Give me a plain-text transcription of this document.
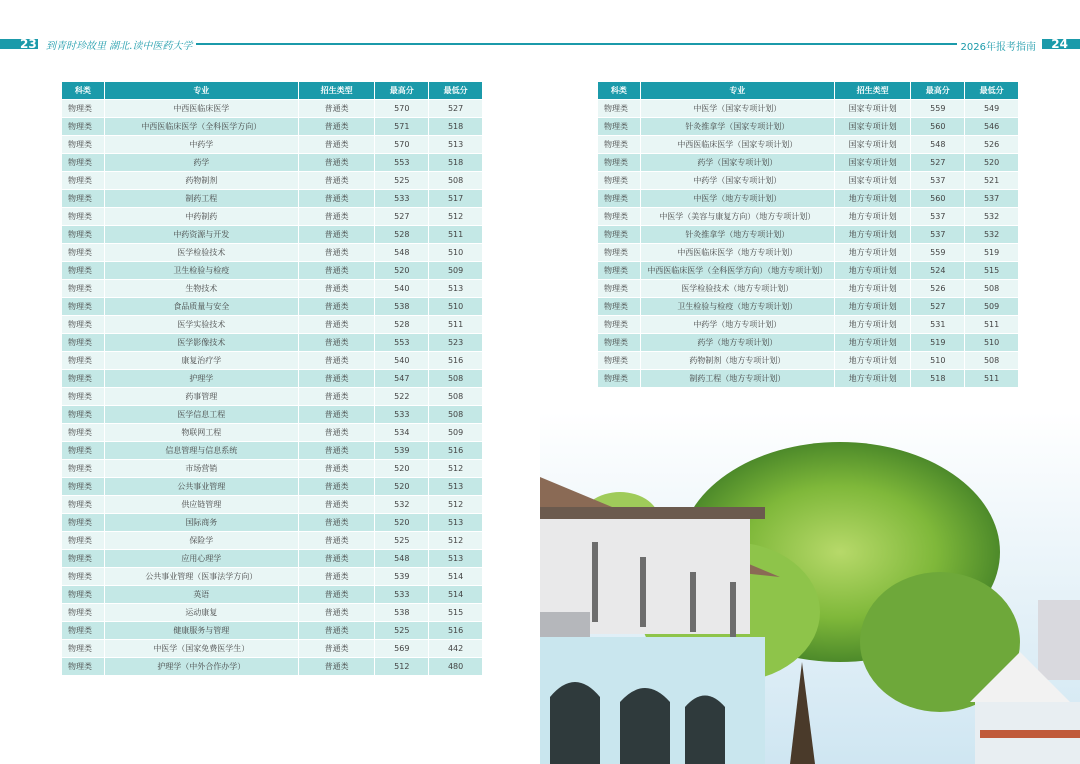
23 到青时珍故里 湖北.读中医药大学	2026年报考指南	24
科类	专业	招生类型	最高分	最低分
物理类	中西医临床医学	普通类	570	527
物理类	中西医临床医学（全科医学方向）	普通类	571	518
物理类	中药学	普通类	570	513
物理类	药学	普通类	553	518
物理类	药物制剂	普通类	525	508
物理类	制药工程	普通类	533	517
物理类	中药制药	普通类	527	512
物理类	中药资源与开发	普通类	528	511
物理类	医学检验技术	普通类	548	510
物理类	卫生检验与检疫	普通类	520	509
物理类	生物技术	普通类	540	513
物理类	食品质量与安全	普通类	538	510
物理类	医学实验技术	普通类	528	511
物理类	医学影像技术	普通类	553	523
物理类	康复治疗学	普通类	540	516
物理类	护理学	普通类	547	508
物理类	药事管理	普通类	522	508
物理类	医学信息工程	普通类	533	508
物理类	物联网工程	普通类	534	509
物理类	信息管理与信息系统	普通类	539	516
物理类	市场营销	普通类	520	512
物理类	公共事业管理	普通类	520	513
物理类	供应链管理	普通类	532	512
物理类	国际商务	普通类	520	513
物理类	保险学	普通类	525	512
物理类	应用心理学	普通类	548	513
物理类	公共事业管理（医事法学方向）	普通类	539	514
物理类	英语	普通类	533	514
物理类	运动康复	普通类	538	515
物理类	健康服务与管理	普通类	525	516
物理类	中医学（国家免费医学生）	普通类	569	442
物理类	护理学（中外合作办学）	普通类	512	480
科类	专业	招生类型	最高分	最低分
物理类	中医学（国家专项计划）	国家专项计划	559	549
物理类	针灸推拿学（国家专项计划）	国家专项计划	560	546
物理类	中西医临床医学（国家专项计划）	国家专项计划	548	526
物理类	药学（国家专项计划）	国家专项计划	527	520
物理类	中药学（国家专项计划）	国家专项计划	537	521
物理类	中医学（地方专项计划）	地方专项计划	560	537
物理类	中医学（美容与康复方向）（地方专项计划）	地方专项计划	537	532
物理类	针灸推拿学（地方专项计划）	地方专项计划	537	532
物理类	中西医临床医学（地方专项计划）	地方专项计划	559	519
物理类	中西医临床医学（全科医学方向）（地方专项计划）	地方专项计划	524	515
物理类	医学检验技术（地方专项计划）	地方专项计划	526	508
物理类	卫生检验与检疫（地方专项计划）	地方专项计划	527	509
物理类	中药学（地方专项计划）	地方专项计划	531	511
物理类	药学（地方专项计划）	地方专项计划	519	510
物理类	药物制剂（地方专项计划）	地方专项计划	510	508
物理类	制药工程（地方专项计划）	地方专项计划	518	511
